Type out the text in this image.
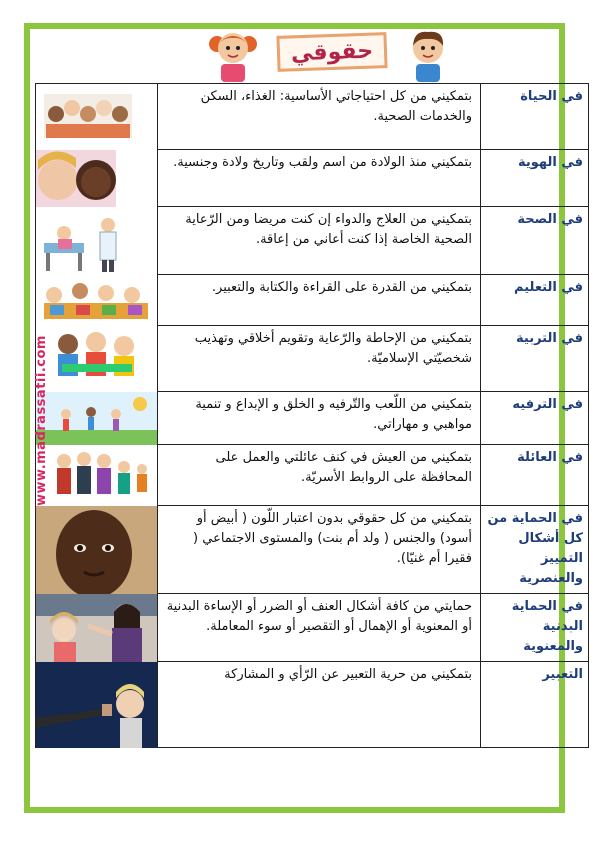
حقوقي
في الحياة	بتمكيني من كل احتياجاتي الأساسية: الغذاء، السكن والخدمات الصحية.	

في الهوية	بتمكيني منذ الولادة من اسم ولقب وتاريخ ولادة وجنسية.	

في الصحة	بتمكيني من العلاج والدواء إن كنت مريضا ومن الرّعاية الصحية الخاصة إذا كنت أعاني من إعاقة.	

في التعليم	بتمكيني من القدرة على القراءة والكتابة والتعبير.	

في التربية	بتمكيني من الإحاطة والرّعاية وتقويم أخلاقي وتهذيب شخصيّتي الإسلاميّة.	

في الترفيه	بتمكيني من اللّعب والتّرفيه و الخلق و الإبداع و تنمية مواهبي و مهاراتي.	

في العائلة	بتمكيني من العيش في كنف عائلتي والعمل على المحافظة على الروابط الأسريّة.	

في الحماية من كل أشكال التمييز والعنصرية	بتمكيني من كل حقوقي بدون اعتبار اللّون ( أبيض أو أسود) والجنس ( ولد أم بنت) والمستوى الاجتماعي ( فقيرا أم غنيّا).	

في الحماية البدنية والمعنوية	حمايتي من كافة أشكال العنف أو الضرر أو الإساءة البدنية أو المعنوية أو الإهمال أو التقصير أو سوء المعاملة.	

التعبير	بتمكيني من حرية التعبير عن الرّأي و المشاركة	
www.madrassatii.com
